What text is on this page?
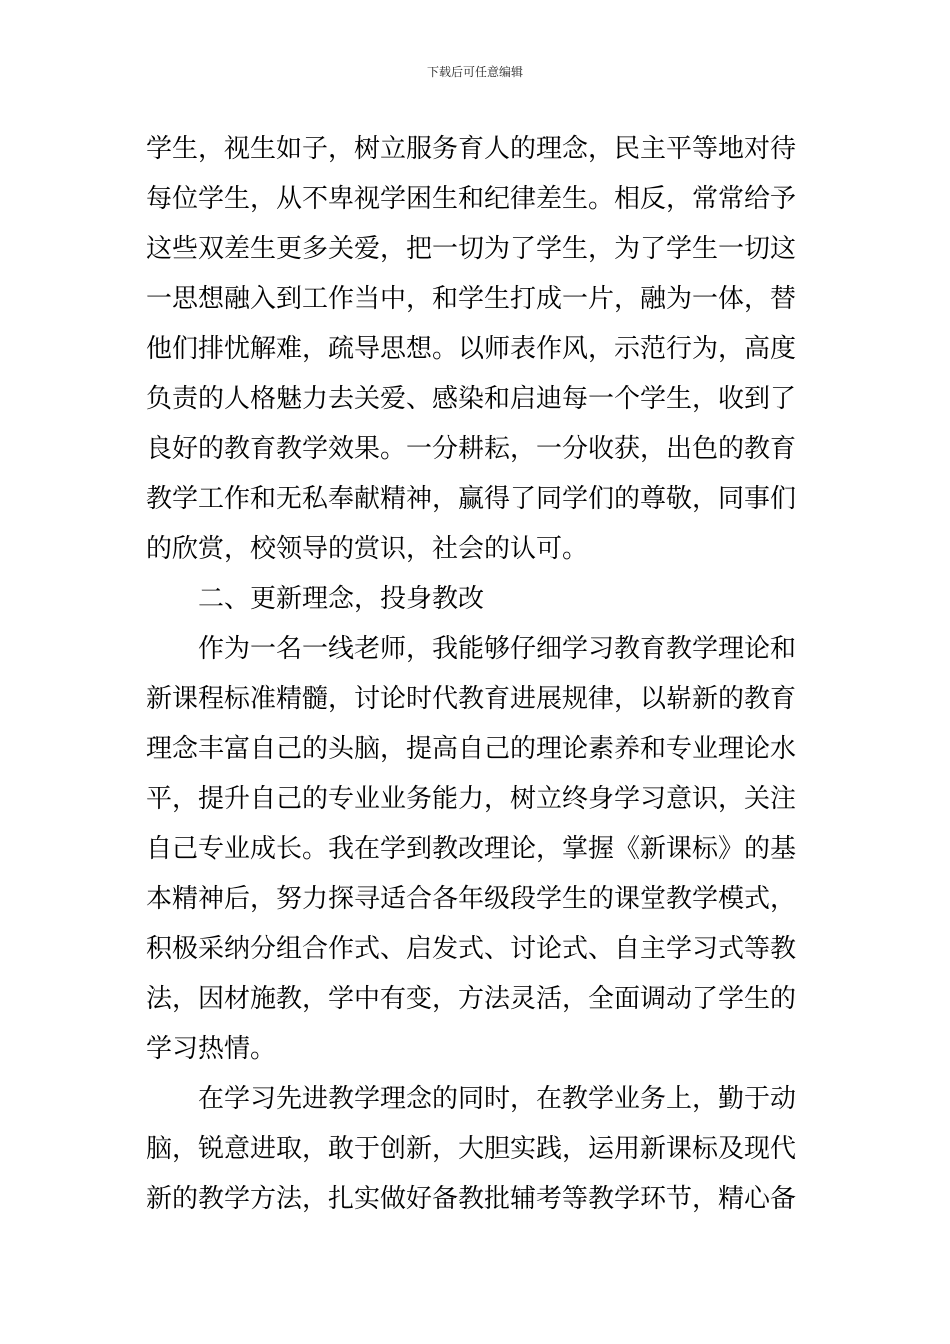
下载后可任意编辑
学生，视生如子，树立服务育人的理念，民主平等地对待
每位学生，从不卑视学困生和纪律差生。相反，常常给予
这些双差生更多关爱，把一切为了学生，为了学生一切这
一思想融入到工作当中，和学生打成一片，融为一体，替
他们排忧解难，疏导思想。以师表作风，示范行为，高度
负责的人格魅力去关爱、感染和启迪每一个学生，收到了
良好的教育教学效果。一分耕耘，一分收获，出色的教育
教学工作和无私奉献精神，赢得了同学们的尊敬，同事们
的欣赏，校领导的赏识，社会的认可。
二、更新理念，投身教改
作为一名一线老师，我能够仔细学习教育教学理论和
新课程标准精髓，讨论时代教育进展规律，以崭新的教育
理念丰富自己的头脑，提高自己的理论素养和专业理论水
平，提升自己的专业业务能力，树立终身学习意识，关注
自己专业成长。我在学到教改理论，掌握《新课标》的基
本精神后，努力探寻适合各年级段学生的课堂教学模式，
积极采纳分组合作式、启发式、讨论式、自主学习式等教
法，因材施教，学中有变，方法灵活，全面调动了学生的
学习热情。
在学习先进教学理念的同时，在教学业务上，勤于动
脑，锐意进取，敢于创新，大胆实践，运用新课标及现代
新的教学方法，扎实做好备教批辅考等教学环节，精心备
